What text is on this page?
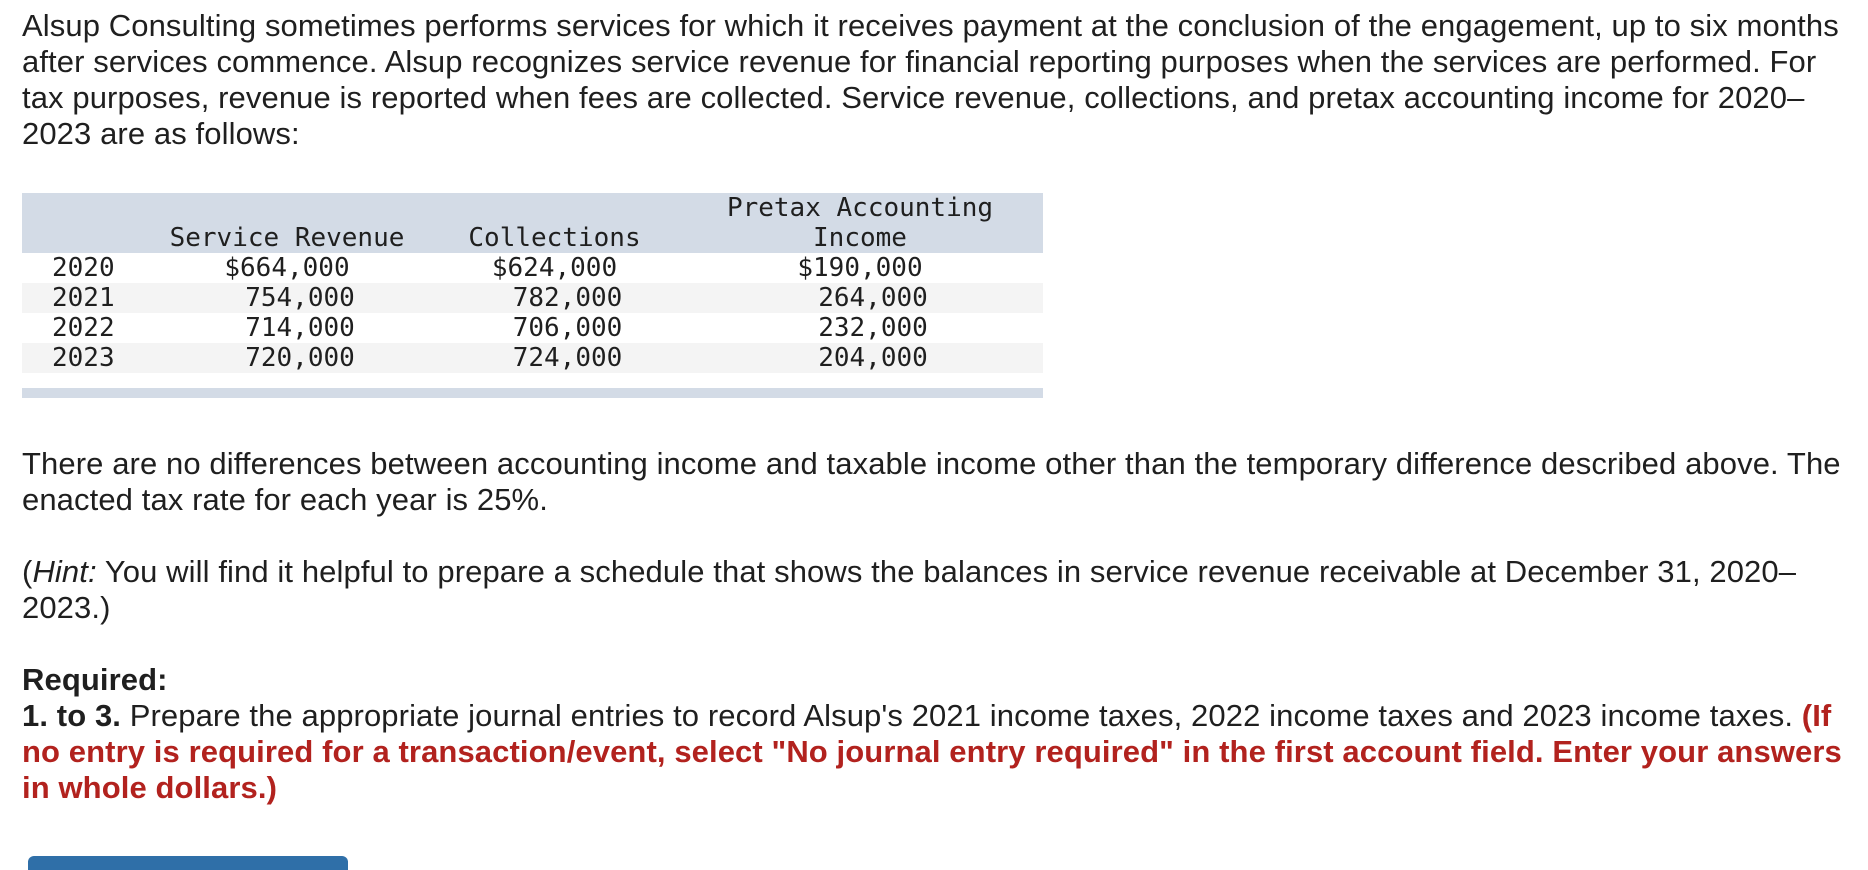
Alsup Consulting sometimes performs services for which it receives payment at the conclusion of the engagement, up to six months after services commence. Alsup recognizes service revenue for financial reporting purposes when the services are performed. For tax purposes, revenue is reported when fees are collected. Service revenue, collections, and pretax accounting income for 2020–2023 are as follows:

	Service Revenue	Collections	Pretax Accounting
Income
2020	$664,000	$624,000	$190,000
2021	754,000	782,000	264,000
2022	714,000	706,000	232,000
2023	720,000	724,000	204,000

There are no differences between accounting income and taxable income other than the temporary difference described above. The enacted tax rate for each year is 25%.

(Hint: You will find it helpful to prepare a schedule that shows the balances in service revenue receivable at December 31, 2020–2023.)

Required:
1. to 3. Prepare the appropriate journal entries to record Alsup's 2021 income taxes, 2022 income taxes and 2023 income taxes. (If no entry is required for a transaction/event, select "No journal entry required" in the first account field. Enter your answers in whole dollars.)
